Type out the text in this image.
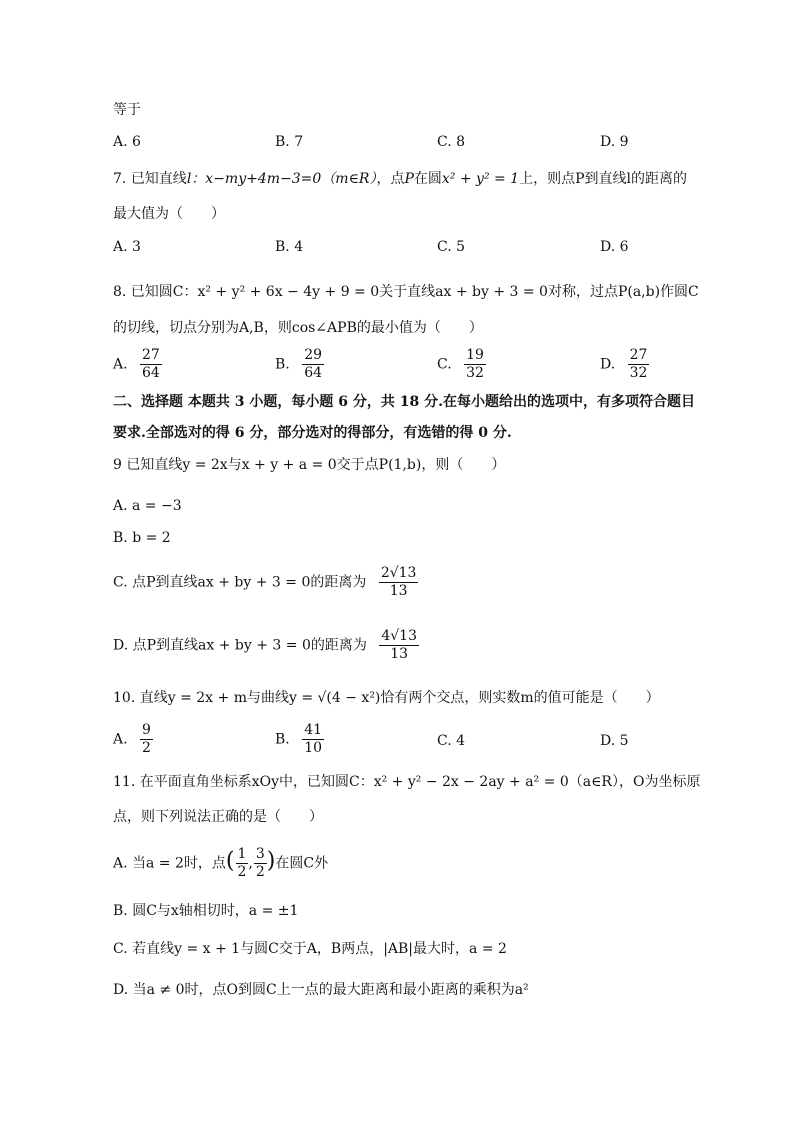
等于
A. 6	B. 7	C. 8	D. 9
7. 已知直线l：x−my+4m−3=0（m∈R），点P在圆x² + y² = 1上，则点P到直线l的距离的
最大值为（　　）
A. 3	B. 4	C. 5	D. 6
8. 已知圆C：x² + y² + 6x − 4y + 9 = 0关于直线ax + by + 3 = 0对称，过点P(a,b)作圆C
的切线，切点分别为A,B，则cos∠APB的最小值为（　　）
A. $\frac{27}{64}$	B. $\frac{29}{64}$	C. $\frac{19}{32}$	D. $\frac{27}{32}$
二、选择题 本题共 3 小题，每小题 6 分，共 18 分.在每小题给出的选项中，有多项符合题目
要求.全部选对的得 6 分，部分选对的得部分，有选错的得 0 分.
9 已知直线y = 2x与x + y + a = 0交于点P(1,b)，则（　　）
A. a = −3
B. b = 2
C. 点P到直线ax + by + 3 = 0的距离为 $\frac{2√13}{13}$
D. 点P到直线ax + by + 3 = 0的距离为 $\frac{4√13}{13}$
10. 直线y = 2x + m与曲线y = √(4 − x²)恰有两个交点，则实数m的值可能是（　　）
A. $\frac{9}{2}$	B. $\frac{41}{10}$	C. 4	D. 5
11. 在平面直角坐标系xOy中，已知圆C：x² + y² − 2x − 2ay + a² = 0（a∈R），O为坐标原
点，则下列说法正确的是（　　）
A. 当a = 2时，点( $\frac{1}{2}$ , $\frac{3}{2}$ )在圆C外
B. 圆C与x轴相切时，a = ±1
C. 若直线y = x + 1与圆C交于A，B两点，|AB|最大时，a = 2
D. 当a ≠ 0时，点O到圆C上一点的最大距离和最小距离的乘积为a²
